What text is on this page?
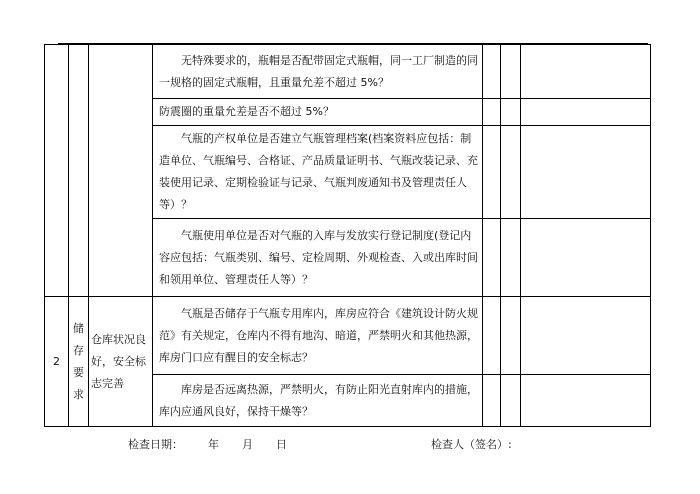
			无特殊要求的，瓶帽是否配带固定式瓶帽，同一工厂制造的同一规格的固定式瓶帽，且重量允差不超过 5%？			
			防震圈的重量允差是否不超过 5%？			
			气瓶的产权单位是否建立气瓶管理档案(档案资料应包括：制造单位、气瓶编号、合格证、产品质量证明书、气瓶改装记录、充装使用记录、定期检验证与记录、气瓶判废通知书及管理责任人等）？			
			气瓶使用单位是否对气瓶的入库与发放实行登记制度(登记内容应包括：气瓶类别、编号、定检周期、外观检查、入或出库时间和领用单位、管理责任人等）？			
2	储存要求	仓库状况良好，安全标志完善	气瓶是否储存于气瓶专用库内，库房应符合《建筑设计防火规范》有关规定，仓库内不得有地沟、暗道，严禁明火和其他热源，库房门口应有醒目的安全标志？			
			库房是否远离热源，严禁明火，有防止阳光直射库内的措施，库内应通风良好，保持干燥等？			
检查日期： 年 月 日	检查人（签名）:
